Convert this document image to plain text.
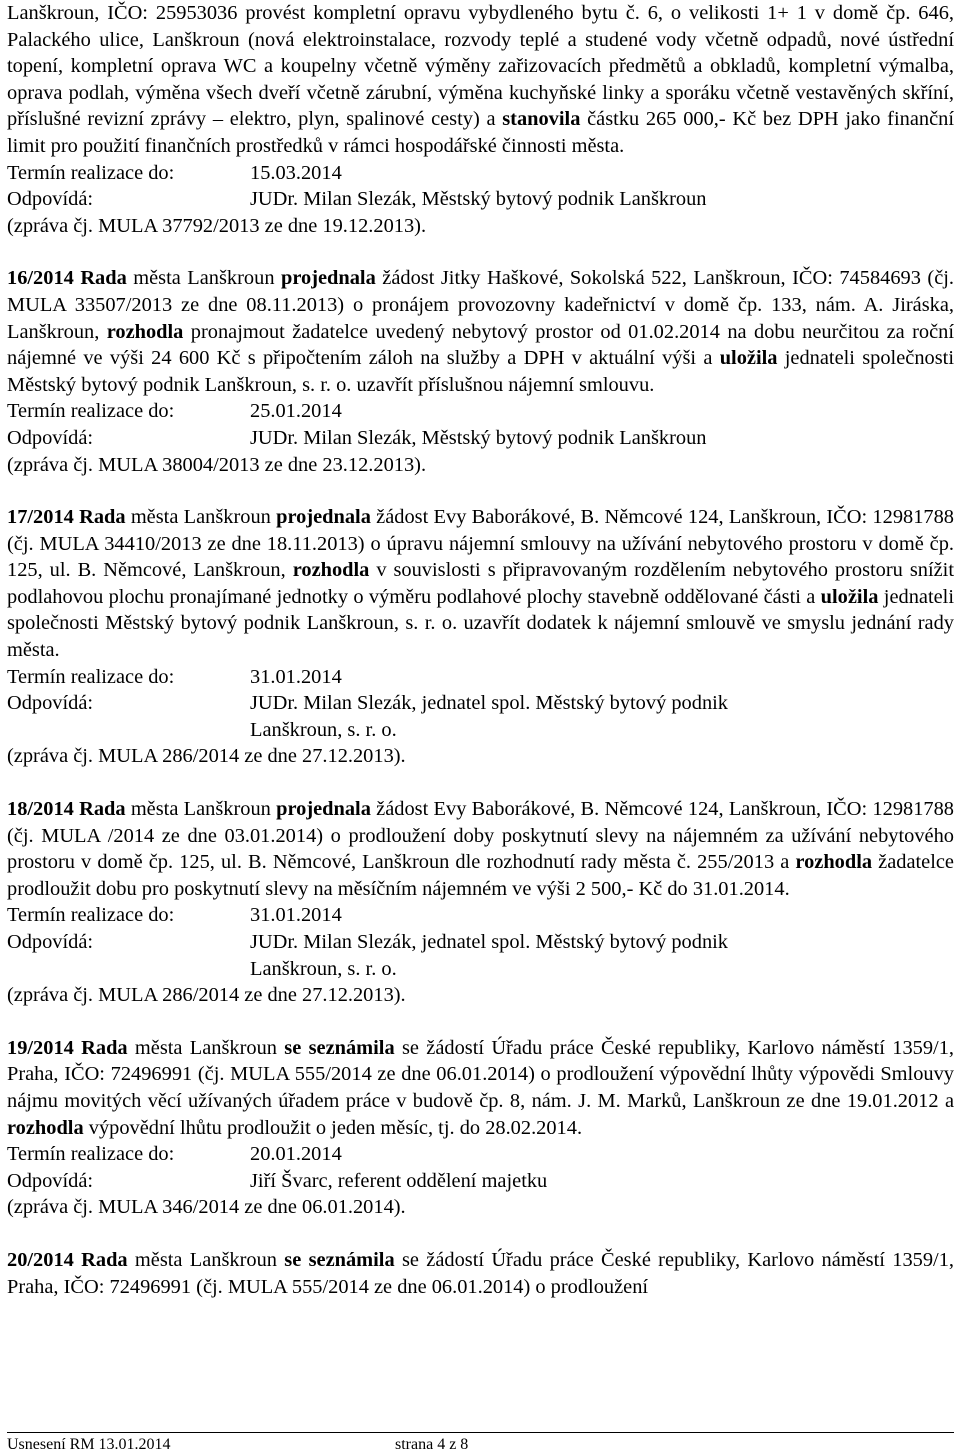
Lanškroun, IČO: 25953036 provést kompletní opravu vybydleného bytu č. 6, o velikosti 1+ 1 v domě čp. 646, Palackého ulice, Lanškroun (nová elektroinstalace, rozvody teplé a studené vody včetně odpadů, nové ústřední topení, kompletní oprava WC a koupelny včetně výměny zařizovacích předmětů a obkladů, kompletní výmalba, oprava podlah, výměna všech dveří včetně zárubní, výměna kuchyňské linky a sporáku včetně vestavěných skříní, příslušné revizní zprávy – elektro, plyn, spalinové cesty) a stanovila částku 265 000,- Kč bez DPH jako finanční limit pro použití finančních prostředků v rámci hospodářské činnosti města.

Termín realizace do:	15.03.2014
Odpovídá:	JUDr. Milan Slezák, Městský bytový podnik Lanškroun
(zpráva čj. MULA 37792/2013 ze dne 19.12.2013).

16/2014 Rada města Lanškroun projednala žádost Jitky Haškové, Sokolská 522, Lanškroun, IČO: 74584693 (čj. MULA 33507/2013 ze dne 08.11.2013) o pronájem provozovny kadeřnictví v domě čp. 133, nám. A. Jiráska, Lanškroun, rozhodla pronajmout žadatelce uvedený nebytový prostor od 01.02.2014 na dobu neurčitou za roční nájemné ve výši 24 600 Kč s připočtením záloh na služby a DPH v aktuální výši a uložila jednateli společnosti Městský bytový podnik Lanškroun, s. r. o. uzavřít příslušnou nájemní smlouvu.

Termín realizace do:	25.01.2014
Odpovídá:	JUDr. Milan Slezák, Městský bytový podnik Lanškroun
(zpráva čj. MULA 38004/2013 ze dne 23.12.2013).

17/2014 Rada města Lanškroun projednala žádost Evy Baborákové, B. Němcové 124, Lanškroun, IČO: 12981788 (čj. MULA 34410/2013 ze dne 18.11.2013) o úpravu nájemní smlouvy na užívání nebytového prostoru v domě čp. 125, ul. B. Němcové, Lanškroun, rozhodla v souvislosti s připravovaným rozdělením nebytového prostoru snížit podlahovou plochu pronajímané jednotky o výměru podlahové plochy stavebně oddělované části a uložila jednateli společnosti Městský bytový podnik Lanškroun, s. r. o. uzavřít dodatek k nájemní smlouvě ve smyslu jednání rady města.

Termín realizace do:	31.01.2014
Odpovídá:	JUDr. Milan Slezák, jednatel spol. Městský bytový podnik
Lanškroun, s. r. o.
(zpráva čj. MULA 286/2014 ze dne 27.12.2013).

18/2014 Rada města Lanškroun projednala žádost Evy Baborákové, B. Němcové 124, Lanškroun, IČO: 12981788 (čj. MULA /2014 ze dne 03.01.2014) o prodloužení doby poskytnutí slevy na nájemném za užívání nebytového prostoru v domě čp. 125, ul. B. Němcové, Lanškroun dle rozhodnutí rady města č. 255/2013 a rozhodla žadatelce prodloužit dobu pro poskytnutí slevy na měsíčním nájemném ve výši 2 500,- Kč do 31.01.2014.

Termín realizace do:	31.01.2014
Odpovídá:	JUDr. Milan Slezák, jednatel spol. Městský bytový podnik
Lanškroun, s. r. o.
(zpráva čj. MULA 286/2014 ze dne 27.12.2013).

19/2014 Rada města Lanškroun se seznámila se žádostí Úřadu práce České republiky, Karlovo náměstí 1359/1, Praha, IČO: 72496991 (čj. MULA 555/2014 ze dne 06.01.2014) o prodloužení výpovědní lhůty výpovědi Smlouvy nájmu movitých věcí užívaných úřadem práce v budově čp. 8, nám. J. M. Marků, Lanškroun ze dne 19.01.2012 a rozhodla výpovědní lhůtu prodloužit o jeden měsíc, tj. do 28.02.2014.

Termín realizace do:	20.01.2014
Odpovídá:	Jiří Švarc, referent oddělení majetku
(zpráva čj. MULA 346/2014 ze dne 06.01.2014).

20/2014 Rada města Lanškroun se seznámila se žádostí Úřadu práce České republiky, Karlovo náměstí 1359/1, Praha, IČO: 72496991 (čj. MULA 555/2014 ze dne 06.01.2014) o prodloužení

Usnesení RM 13.01.2014	strana 4 z 8
